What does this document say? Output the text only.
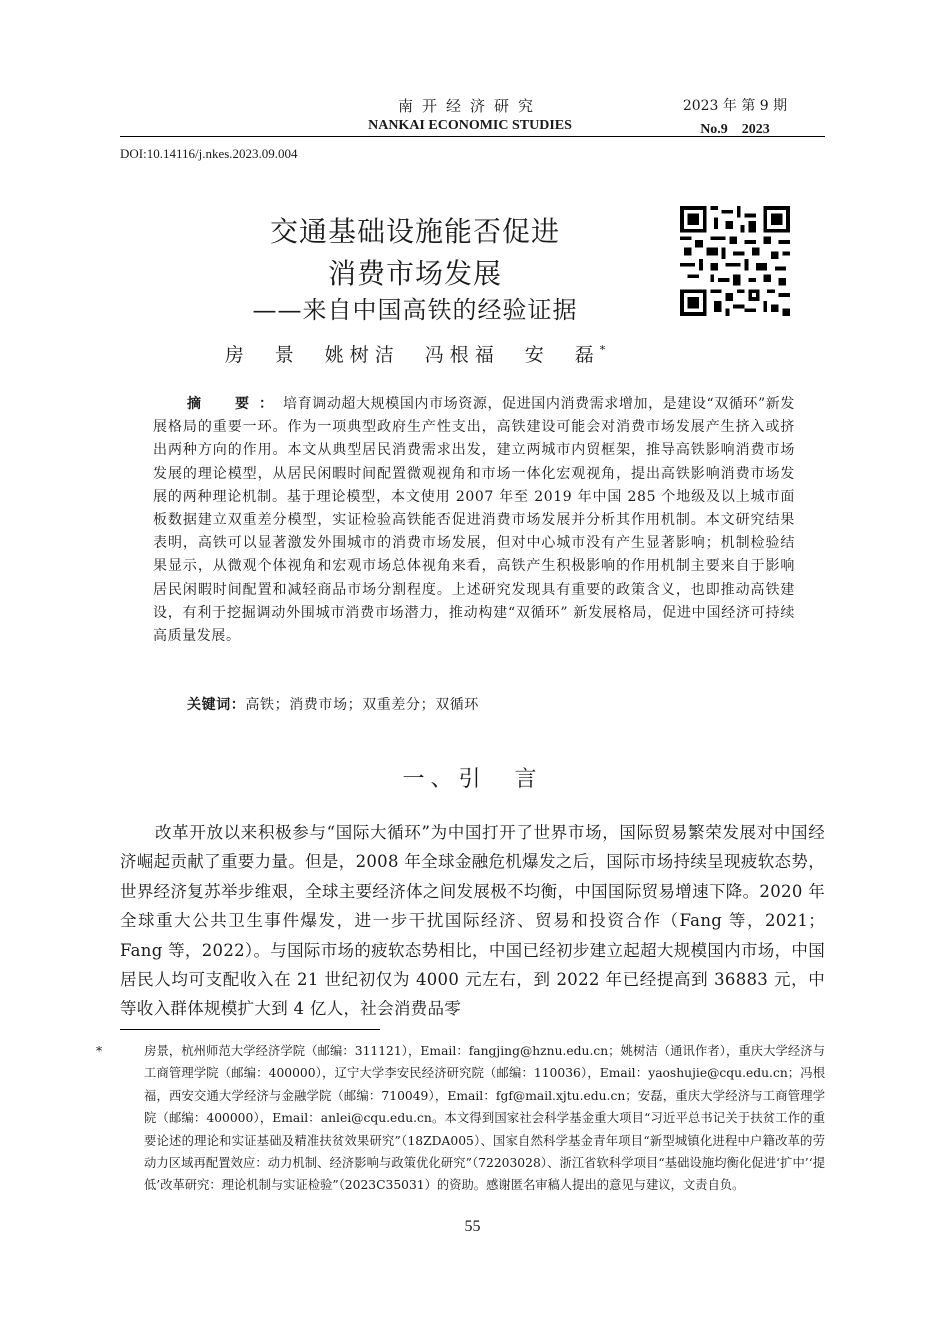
南开经济研究
NANKAI ECONOMIC STUDIES
2023 年 第 9 期
No.9　2023
DOI:10.14116/j.nkes.2023.09.004
交通基础设施能否促进
消费市场发展
——来自中国高铁的经验证据
房　景　姚树洁　冯根福　安　磊*
摘　要：培育调动超大规模国内市场资源，促进国内消费需求增加，是建设“双循环”新发展格局的重要一环。作为一项典型政府生产性支出，高铁建设可能会对消费市场发展产生挤入或挤出两种方向的作用。本文从典型居民消费需求出发，建立两城市内贸框架，推导高铁影响消费市场发展的理论模型，从居民闲暇时间配置微观视角和市场一体化宏观视角，提出高铁影响消费市场发展的两种理论机制。基于理论模型，本文使用 2007 年至 2019 年中国 285 个地级及以上城市面板数据建立双重差分模型，实证检验高铁能否促进消费市场发展并分析其作用机制。本文研究结果表明，高铁可以显著激发外围城市的消费市场发展，但对中心城市没有产生显著影响；机制检验结果显示，从微观个体视角和宏观市场总体视角来看，高铁产生积极影响的作用机制主要来自于影响居民闲暇时间配置和减轻商品市场分割程度。上述研究发现具有重要的政策含义，也即推动高铁建设，有利于挖掘调动外围城市消费市场潜力，推动构建“双循环” 新发展格局，促进中国经济可持续高质量发展。
关键词：高铁；消费市场；双重差分；双循环
一、引　言
改革开放以来积极参与“国际大循环”为中国打开了世界市场，国际贸易繁荣发展对中国经济崛起贡献了重要力量。但是，2008 年全球金融危机爆发之后，国际市场持续呈现疲软态势，世界经济复苏举步维艰，全球主要经济体之间发展极不均衡，中国国际贸易增速下降。2020 年全球重大公共卫生事件爆发，进一步干扰国际经济、贸易和投资合作（Fang 等，2021；Fang 等，2022）。与国际市场的疲软态势相比，中国已经初步建立起超大规模国内市场，中国居民人均可支配收入在 21 世纪初仅为 4000 元左右，到 2022 年已经提高到 36883 元，中等收入群体规模扩大到 4 亿人，社会消费品零
*	房景，杭州师范大学经济学院（邮编：311121），Email：fangjing@hznu.edu.cn；姚树洁（通讯作者），重庆大学经济与工商管理学院（邮编：400000），辽宁大学李安民经济研究院（邮编：110036），Email：yaoshujie@cqu.edu.cn；冯根福，西安交通大学经济与金融学院（邮编：710049），Email：fgf@mail.xjtu.edu.cn；安磊，重庆大学经济与工商管理学院（邮编：400000），Email：anlei@cqu.edu.cn。本文得到国家社会科学基金重大项目“习近平总书记关于扶贫工作的重要论述的理论和实证基础及精准扶贫效果研究”（18ZDA005）、国家自然科学基金青年项目“新型城镇化进程中户籍改革的劳动力区域再配置效应：动力机制、经济影响与政策优化研究”（72203028）、浙江省软科学项目“基础设施均衡化促进‘扩中’‘提低’改革研究：理论机制与实证检验”（2023C35031）的资助。感谢匿名审稿人提出的意见与建议，文责自负。
55
